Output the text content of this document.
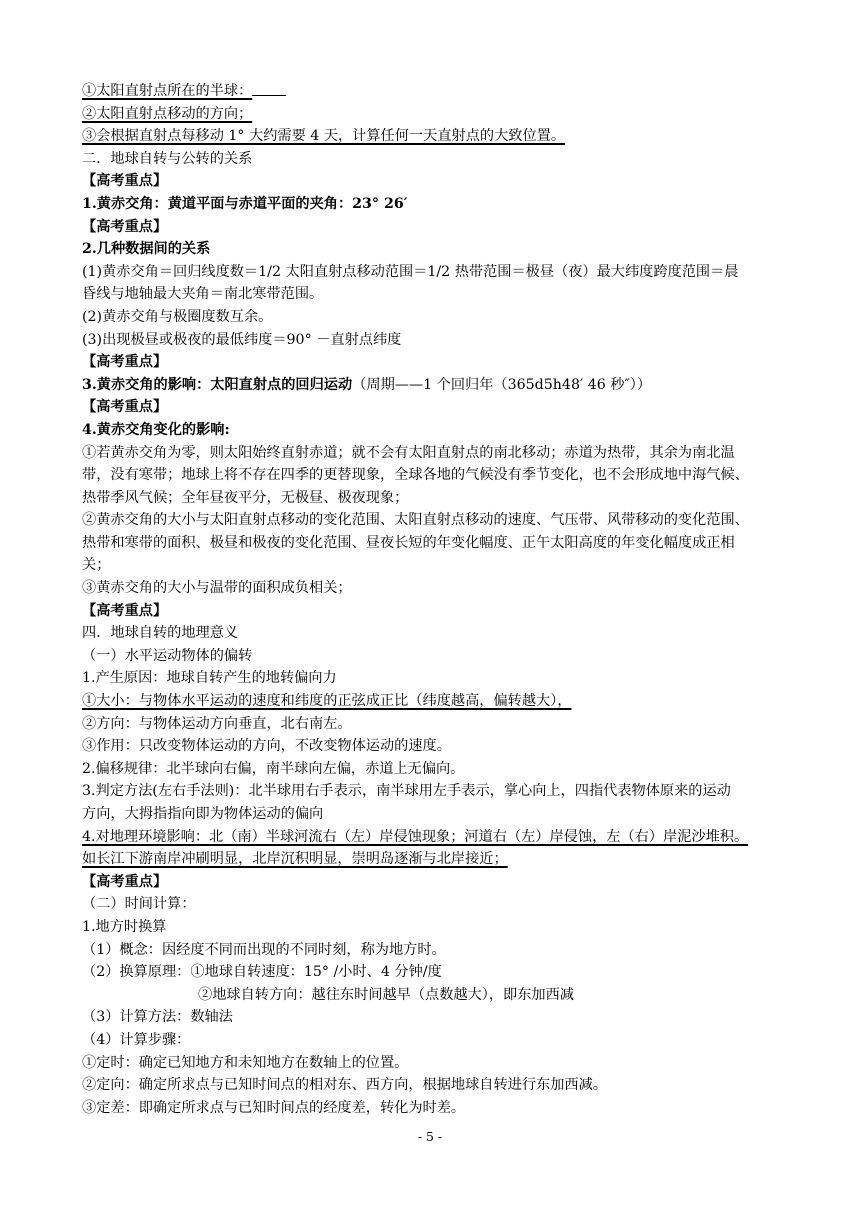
①太阳直射点所在的半球：
②太阳直射点移动的方向；
③会根据直射点每移动 1° 大约需要 4 天，计算任何一天直射点的大致位置。
二．地球自转与公转的关系
【高考重点】
1.黄赤交角：黄道平面与赤道平面的夹角：23° 26′
【高考重点】
2.几种数据间的关系
(1)黄赤交角＝回归线度数＝1/2 太阳直射点移动范围＝1/2 热带范围＝极昼（夜）最大纬度跨度范围＝晨
昏线与地轴最大夹角＝南北寒带范围。
(2)黄赤交角与极圈度数互余。
(3)出现极昼或极夜的最低纬度＝90° －直射点纬度
【高考重点】
3.黄赤交角的影响：太阳直射点的回归运动（周期——1 个回归年（365d5h48′ 46 秒″））
【高考重点】
4.黄赤交角变化的影响:
①若黄赤交角为零，则太阳始终直射赤道；就不会有太阳直射点的南北移动；赤道为热带，其余为南北温
带，没有寒带；地球上将不存在四季的更替现象，全球各地的气候没有季节变化，也不会形成地中海气候、
热带季风气候；全年昼夜平分，无极昼、极夜现象；
②黄赤交角的大小与太阳直射点移动的变化范围、太阳直射点移动的速度、气压带、风带移动的变化范围、
热带和寒带的面积、极昼和极夜的变化范围、昼夜长短的年变化幅度、正午太阳高度的年变化幅度成正相
关；
③黄赤交角的大小与温带的面积成负相关；
【高考重点】
四．地球自转的地理意义
（一）水平运动物体的偏转
1.产生原因：地球自转产生的地转偏向力
①大小：与物体水平运动的速度和纬度的正弦成正比（纬度越高，偏转越大），
②方向：与物体运动方向垂直，北右南左。
③作用：只改变物体运动的方向，不改变物体运动的速度。
2.偏移规律：北半球向右偏，南半球向左偏，赤道上无偏向。
3.判定方法(左右手法则)：北半球用右手表示，南半球用左手表示，掌心向上，四指代表物体原来的运动
方向，大拇指指向即为物体运动的偏向
4.对地理环境影响：北（南）半球河流右（左）岸侵蚀现象；河道右（左）岸侵蚀，左（右）岸泥沙堆积。
如长江下游南岸冲刷明显，北岸沉积明显，崇明岛逐渐与北岸接近；
【高考重点】
（二）时间计算：
1.地方时换算
（1）概念：因经度不同而出现的不同时刻，称为地方时。
（2）换算原理：①地球自转速度：15° /小时、4 分钟/度
②地球自转方向：越往东时间越早（点数越大），即东加西减
（3）计算方法：数轴法
（4）计算步骤：
①定时：确定已知地方和未知地方在数轴上的位置。
②定向：确定所求点与已知时间点的相对东、西方向，根据地球自转进行东加西减。
③定差：即确定所求点与已知时间点的经度差，转化为时差。
- 5 -
